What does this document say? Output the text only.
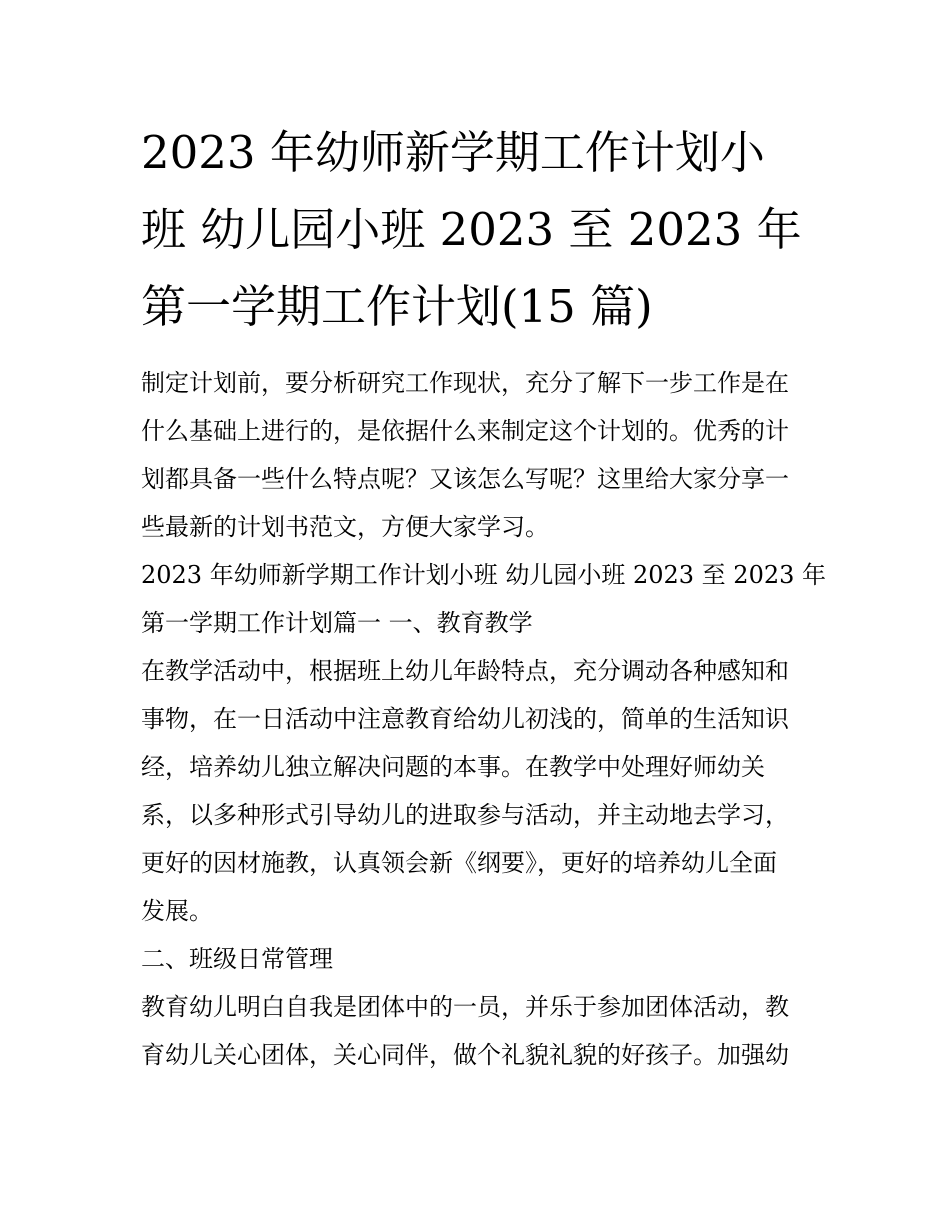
2023 年幼师新学期工作计划小
班 幼儿园小班 2023 至 2023 年
第一学期工作计划(15 篇)

制定计划前，要分析研究工作现状，充分了解下一步工作是在
什么基础上进行的，是依据什么来制定这个计划的。优秀的计
划都具备一些什么特点呢？又该怎么写呢？这里给大家分享一
些最新的计划书范文，方便大家学习。

2023 年幼师新学期工作计划小班 幼儿园小班 2023 至 2023 年
第一学期工作计划篇一 一、教育教学

在教学活动中，根据班上幼儿年龄特点，充分调动各种感知和
事物，在一日活动中注意教育给幼儿初浅的，简单的生活知识
经，培养幼儿独立解决问题的本事。在教学中处理好师幼关
系，以多种形式引导幼儿的进取参与活动，并主动地去学习，
更好的因材施教，认真领会新《纲要》，更好的培养幼儿全面
发展。

二、班级日常管理

教育幼儿明白自我是团体中的一员，并乐于参加团体活动，教
育幼儿关心团体，关心同伴，做个礼貌礼貌的好孩子。加强幼
